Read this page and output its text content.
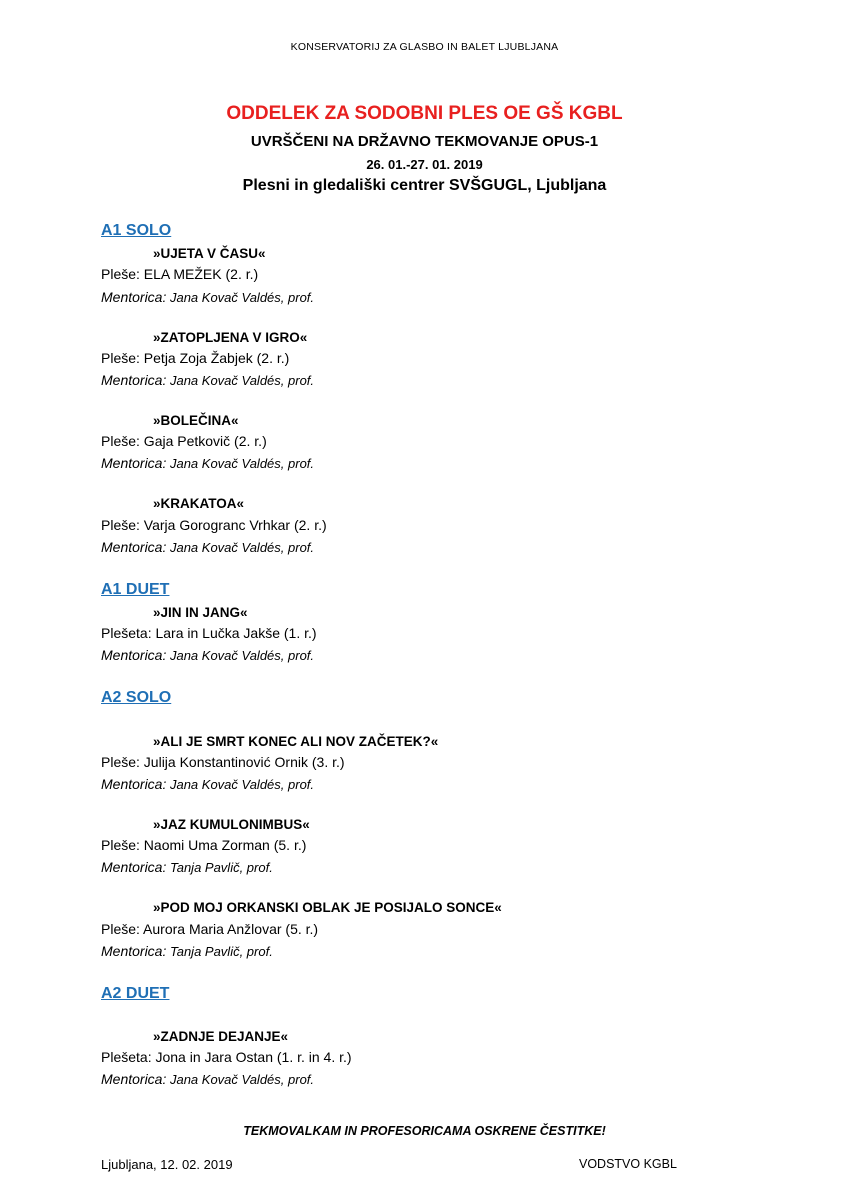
KONSERVATORIJ ZA GLASBO IN BALET LJUBLJANA
ODDELEK ZA SODOBNI PLES OE GŠ KGBL
UVRŠČENI NA DRŽAVNO TEKMOVANJE OPUS-1
26. 01.-27. 01. 2019
Plesni in gledališki centrer SVŠGUGL, Ljubljana
A1 SOLO
»UJETA V ČASU«
Pleše: ELA MEŽEK (2. r.)
Mentorica: Jana Kovač Valdés, prof.
»ZATOPLJENA V IGRO«
Pleše: Petja Zoja Žabjek (2. r.)
Mentorica: Jana Kovač Valdés, prof.
»BOLEČINA«
Pleše: Gaja Petkovič (2. r.)
Mentorica: Jana Kovač Valdés, prof.
»KRAKATOA«
Pleše: Varja Gorogranc Vrhkar (2. r.)
Mentorica: Jana Kovač Valdés, prof.
A1 DUET
»JIN IN JANG«
Plešeta: Lara in Lučka Jakše (1. r.)
Mentorica: Jana Kovač Valdés, prof.
A2 SOLO
»ALI JE SMRT KONEC ALI NOV ZAČETEK?«
Pleše: Julija Konstantinović Ornik (3. r.)
Mentorica: Jana Kovač Valdés, prof.
»JAZ KUMULONIMBUS«
Pleše: Naomi Uma Zorman (5. r.)
Mentorica: Tanja Pavlič, prof.
»POD MOJ ORKANSKI OBLAK JE POSIJALO SONCE«
Pleše: Aurora Maria Anžlovar (5. r.)
Mentorica: Tanja Pavlič, prof.
A2 DUET
»ZADNJE DEJANJE«
Plešeta: Jona in Jara Ostan (1. r. in 4. r.)
Mentorica: Jana Kovač Valdés, prof.
TEKMOVALKAM IN PROFESORICAMA OSKRENE ČESTITKE!
Ljubljana, 12. 02. 2019	VODSTVO KGBL
